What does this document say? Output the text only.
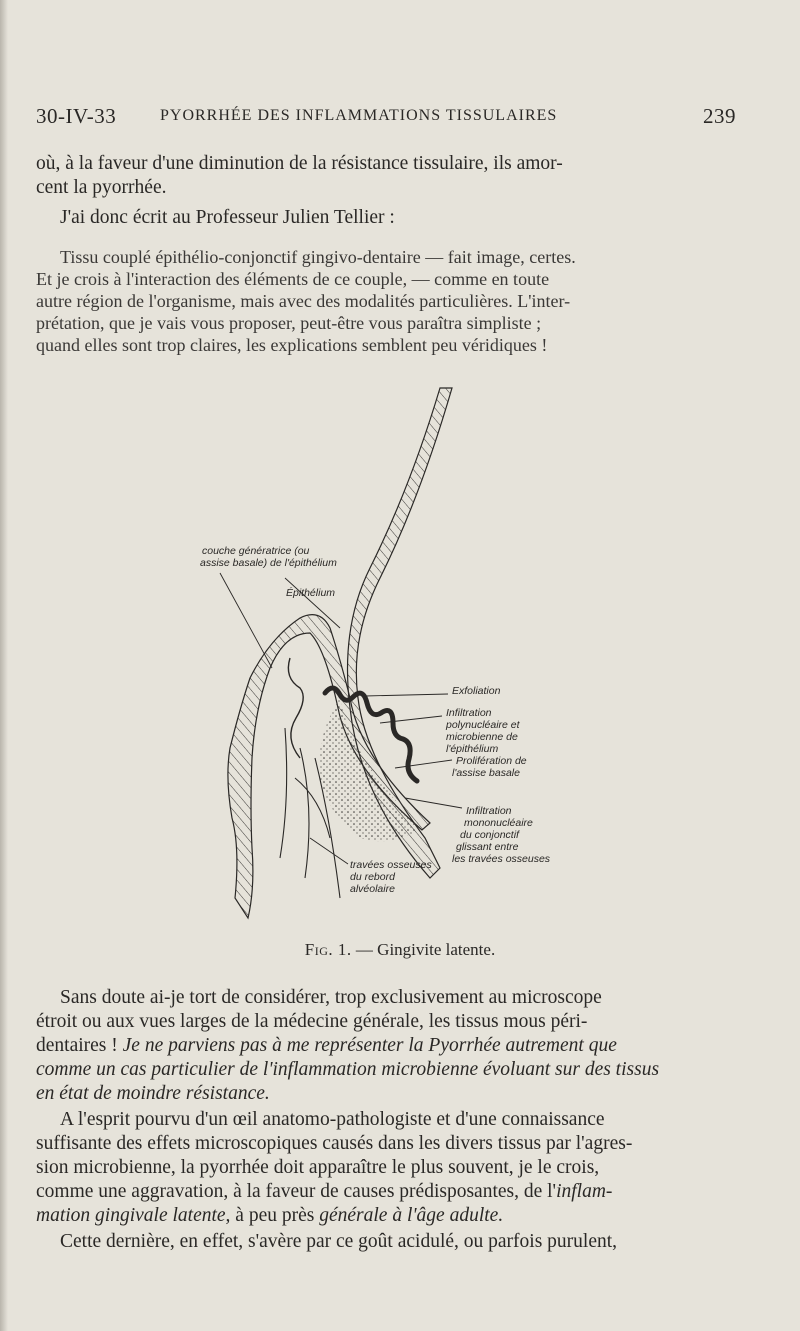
30-IV-33	PYORRHÉE DES INFLAMMATIONS TISSULAIRES	239

où, à la faveur d'une diminution de la résistance tissulaire, ils amor-

cent la pyorrhée.

J'ai donc écrit au Professeur Julien Tellier :

Tissu couplé épithélio-conjonctif gingivo-dentaire — fait image, certes.

Et je crois à l'interaction des éléments de ce couple, — comme en toute

autre région de l'organisme, mais avec des modalités particulières. L'inter-

prétation, que je vais vous proposer, peut-être vous paraîtra simpliste ;

quand elles sont trop claires, les explications semblent peu véridiques !

couche génératrice (ou
assise basale) de l'épithélium
Épithélium
Exfoliation
Infiltration
polynucléaire et
microbienne de
l'épithélium
Prolifération de
l'assise basale
Infiltration
mononucléaire
du conjonctif
glissant entre
les travées osseuses
travées osseuses
du rebord
alvéolaire
Fig. 1. — Gingivite latente.

Sans doute ai-je tort de considérer, trop exclusivement au microscope

étroit ou aux vues larges de la médecine générale, les tissus mous péri-

dentaires ! Je ne parviens pas à me représenter la Pyorrhée autrement que

comme un cas particulier de l'inflammation microbienne évoluant sur des tissus

en état de moindre résistance.

A l'esprit pourvu d'un œil anatomo-pathologiste et d'une connaissance

suffisante des effets microscopiques causés dans les divers tissus par l'agres-

sion microbienne, la pyorrhée doit apparaître le plus souvent, je le crois,

comme une aggravation, à la faveur de causes prédisposantes, de l'inflam-

mation gingivale latente, à peu près générale à l'âge adulte.

Cette dernière, en effet, s'avère par ce goût acidulé, ou parfois purulent,
